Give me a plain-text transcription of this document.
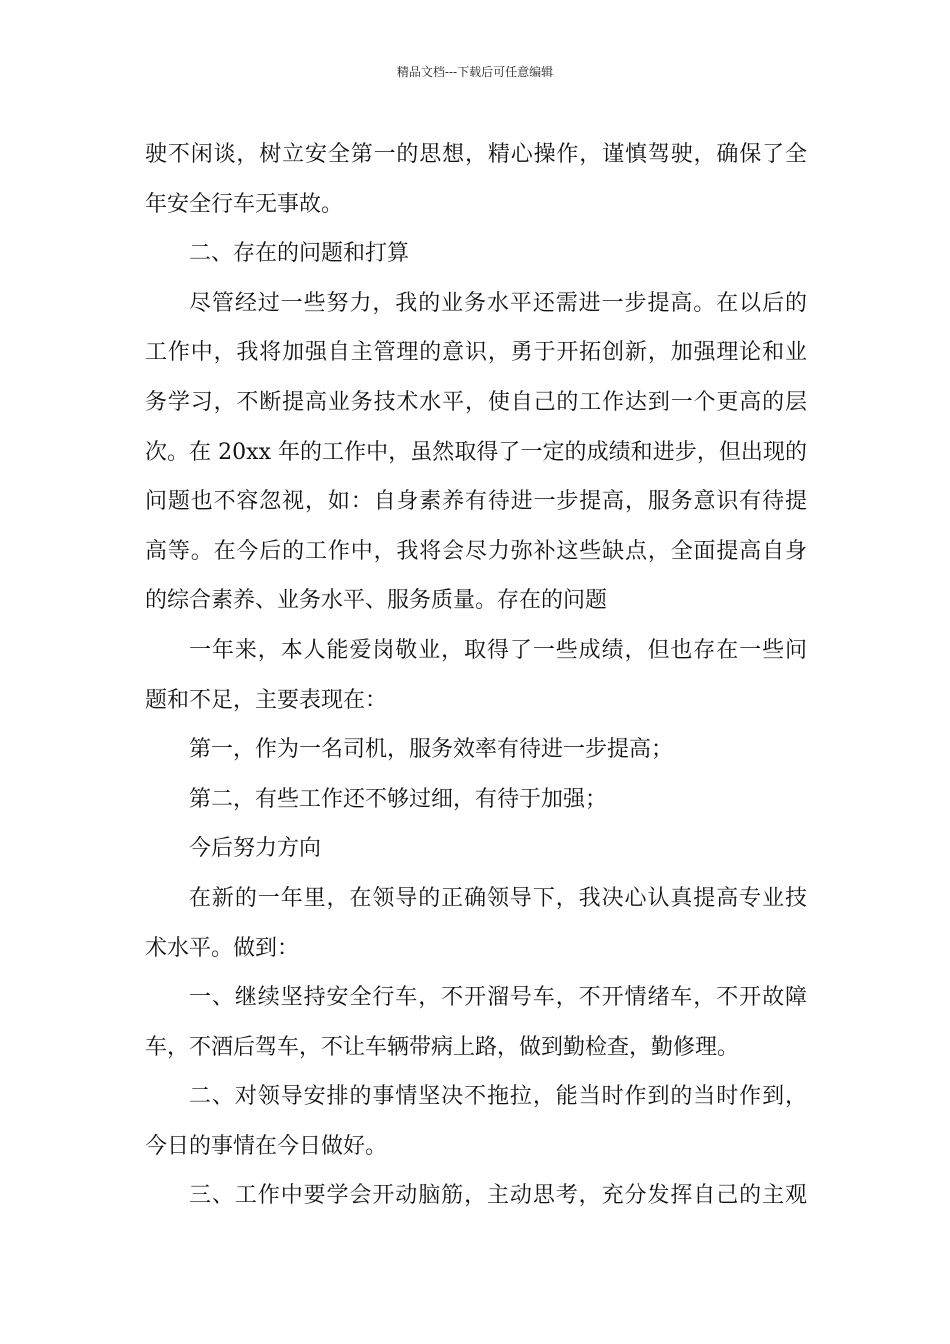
精品文档---下载后可任意编辑
驶不闲谈，树立安全第一的思想，精心操作，谨慎驾驶，确保了全
年安全行车无事故。
二、存在的问题和打算
尽管经过一些努力，我的业务水平还需进一步提高。在以后的
工作中，我将加强自主管理的意识，勇于开拓创新，加强理论和业
务学习，不断提高业务技术水平，使自己的工作达到一个更高的层
次。在 20xx 年的工作中，虽然取得了一定的成绩和进步，但出现的
问题也不容忽视，如：自身素养有待进一步提高，服务意识有待提
高等。在今后的工作中，我将会尽力弥补这些缺点，全面提高自身
的综合素养、业务水平、服务质量。存在的问题
一年来，本人能爱岗敬业，取得了一些成绩，但也存在一些问
题和不足，主要表现在：
第一，作为一名司机，服务效率有待进一步提高；
第二，有些工作还不够过细，有待于加强；
今后努力方向
在新的一年里，在领导的正确领导下，我决心认真提高专业技
术水平。做到：
一、继续坚持安全行车，不开溜号车，不开情绪车，不开故障
车，不酒后驾车，不让车辆带病上路，做到勤检查，勤修理。
二、对领导安排的事情坚决不拖拉，能当时作到的当时作到，
今日的事情在今日做好。
三、工作中要学会开动脑筋，主动思考，充分发挥自己的主观
